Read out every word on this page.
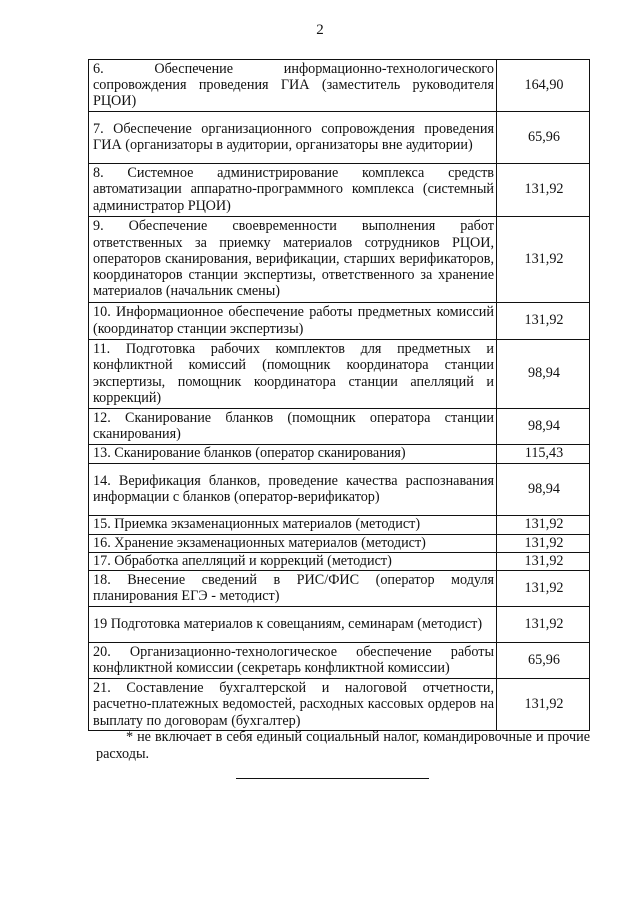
2
6. Обеспечение информационно-технологического сопровождения проведения ГИА (заместитель руководителя РЦОИ)	164,90
7. Обеспечение организационного сопровождения проведения ГИА (организаторы в аудитории, организаторы вне аудитории)	65,96
8. Системное администрирование комплекса средств автоматизации аппаратно-программного комплекса (системный администратор РЦОИ)	131,92
9. Обеспечение своевременности выполнения работ ответственных за приемку материалов сотрудников РЦОИ, операторов сканирования, верификации, старших верификаторов, координаторов станции экспертизы, ответственного за хранение материалов (начальник смены)	131,92
10. Информационное обеспечение работы предметных комиссий (координатор станции экспертизы)	131,92
11. Подготовка рабочих комплектов для предметных и конфликтной комиссий (помощник координатора станции экспертизы, помощник координатора станции апелляций и коррекций)	98,94
12. Сканирование бланков (помощник оператора станции сканирования)	98,94
13. Сканирование бланков (оператор сканирования)	115,43
14. Верификация бланков, проведение качества распознавания информации с бланков (оператор-верификатор)	98,94
15. Приемка экзаменационных материалов (методист)	131,92
16. Хранение экзаменационных материалов (методист)	131,92
17. Обработка апелляций и коррекций (методист)	131,92
18. Внесение сведений в РИС/ФИС (оператор модуля планирования ЕГЭ - методист)	131,92
19 Подготовка материалов к совещаниям, семинарам (методист)	131,92
20. Организационно-технологическое обеспечение работы конфликтной комиссии (секретарь конфликтной комиссии)	65,96
21. Составление бухгалтерской и налоговой отчетности, расчетно-платежных ведомостей, расходных кассовых ордеров на выплату по договорам (бухгалтер)	131,92
* не включает в себя единый социальный налог, командировочные и прочие расходы.
